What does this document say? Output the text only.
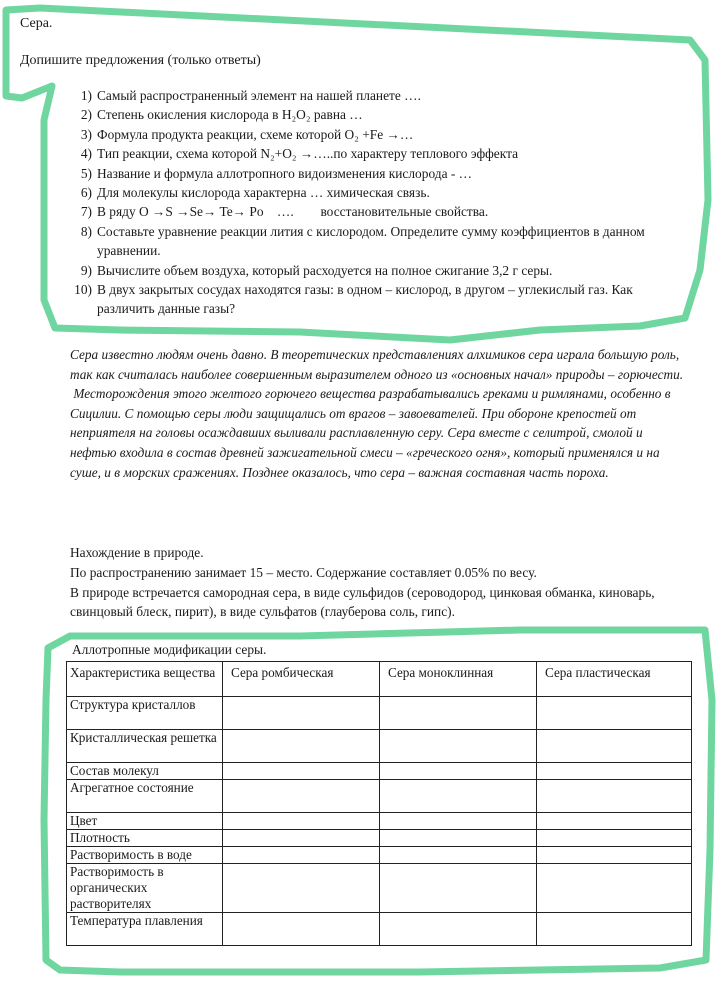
Сера.
Допишите предложения (только ответы)
1) Самый распространенный элемент на нашей планете ….
2) Степень окисления кислорода в H₂O₂ равна …
3) Формула продукта реакции, схеме которой O₂ +Fe →…
4) Тип реакции, схема которой N₂+O₂ →…..по характеру теплового эффекта
5) Название и формула аллотропного видоизменения кислорода - …
6) Для молекулы кислорода характерна … химическая связь.
7) В ряду O →S →Se→ Te→ Po    ….        восстановительные свойства.
8) Составьте уравнение реакции лития с кислородом. Определите сумму коэффициентов в данном уравнении.
9) Вычислите объем воздуха, который расходуется на полное сжигание 3,2 г серы.
10) В двух закрытых сосудах находятся газы: в одном – кислород, в другом – углекислый газ. Как различить данные газы?

Сера известно людям очень давно. В теоретических представлениях алхимиков сера играла большую роль, так как считалась наиболее совершенным выразителем одного из «основных начал» природы – горючести.

Месторождения этого желтого горючего вещества разрабатывались греками и римлянами, особенно в Сицилии. С помощью серы люди защищались от врагов – завоевателей. При обороне крепостей от неприятеля на головы осаждавших выливали расплавленную серу. Сера вместе с селитрой, смолой и нефтью входила в состав древней зажигательной смеси – «греческого огня», который применялся и на суше, и в морских сражениях. Позднее оказалось, что сера – важная составная часть пороха.

Нахождение в природе.

По распространению занимает 15 – место. Содержание составляет 0.05% по весу.

В природе встречается самородная сера, в виде сульфидов (сероводород, цинковая обманка, киноварь, свинцовый блеск, пирит), в виде сульфатов (глауберова соль, гипс).

Аллотропные модификации серы.
Характеристика вещества	Сера ромбическая	Сера моноклинная	Сера пластическая
Структура кристаллов			
Кристаллическая решетка			
Состав молекул			
Агрегатное состояние			
Цвет			
Плотность			
Растворимость в воде			
Растворимость в органических растворителях			
Температура плавления			
